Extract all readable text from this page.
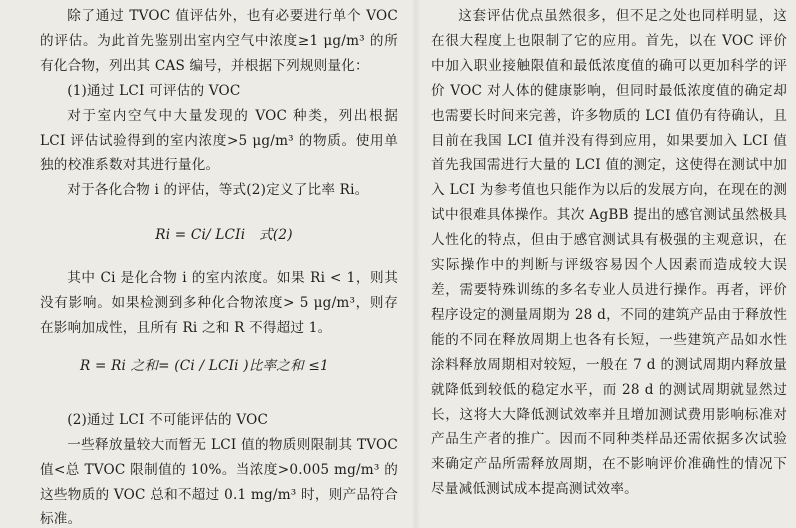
除了通过 TVOC 值评估外，也有必要进行单个 VOC 的评估。为此首先鉴别出室内空气中浓度≥1 μg/m³ 的所有化合物，列出其 CAS 编号，并根据下列规则量化：

(1)通过 LCI 可评估的 VOC

对于室内空气中大量发现的 VOC 种类，列出根据 LCI 评估试验得到的室内浓度>5 μg/m³ 的物质。使用单独的校准系数对其进行量化。

对于各化合物 i 的评估，等式(2)定义了比率 Ri。

Ri = Ci/ LCIi　式(2)

其中 Ci 是化合物 i 的室内浓度。如果 Ri < 1，则其没有影响。如果检测到多种化合物浓度> 5 μg/m³，则存在影响加成性，且所有 Ri 之和 R 不得超过 1。

R = Ri 之和= (Ci / LCIi )比率之和 ≤1

(2)通过 LCI 不可能评估的 VOC

一些释放量较大而暂无 LCI 值的物质则限制其 TVOC 值<总 TVOC 限制值的 10%。当浓度>0.005 mg/m³ 的这些物质的 VOC 总和不超过 0.1 mg/m³ 时，则产品符合标准。

这套评估优点虽然很多，但不足之处也同样明显，这在很大程度上也限制了它的应用。首先，以在 VOC 评价中加入职业接触限值和最低浓度值的确可以更加科学的评价 VOC 对人体的健康影响，但同时最低浓度值的确定却也需要长时间来完善，许多物质的 LCI 值仍有待确认，且目前在我国 LCI 值并没有得到应用，如果要加入 LCI 值首先我国需进行大量的 LCI 值的测定，这使得在测试中加入 LCI 为参考值也只能作为以后的发展方向，在现在的测试中很难具体操作。其次 AgBB 提出的感官测试虽然极具人性化的特点，但由于感官测试具有极强的主观意识，在实际操作中的判断与评级容易因个人因素而造成较大误差，需要特殊训练的多名专业人员进行操作。再者，评价程序设定的测量周期为 28 d，不同的建筑产品由于释放性能的不同在释放周期上也各有长短，一些建筑产品如水性涂料释放周期相对较短，一般在 7 d 的测试周期内释放量就降低到较低的稳定水平，而 28 d 的测试周期就显然过长，这将大大降低测试效率并且增加测试费用影响标准对产品生产者的推广。因而不同种类样品还需依据多次试验来确定产品所需释放周期，在不影响评价准确性的情况下尽量减低测试成本提高测试效率。
